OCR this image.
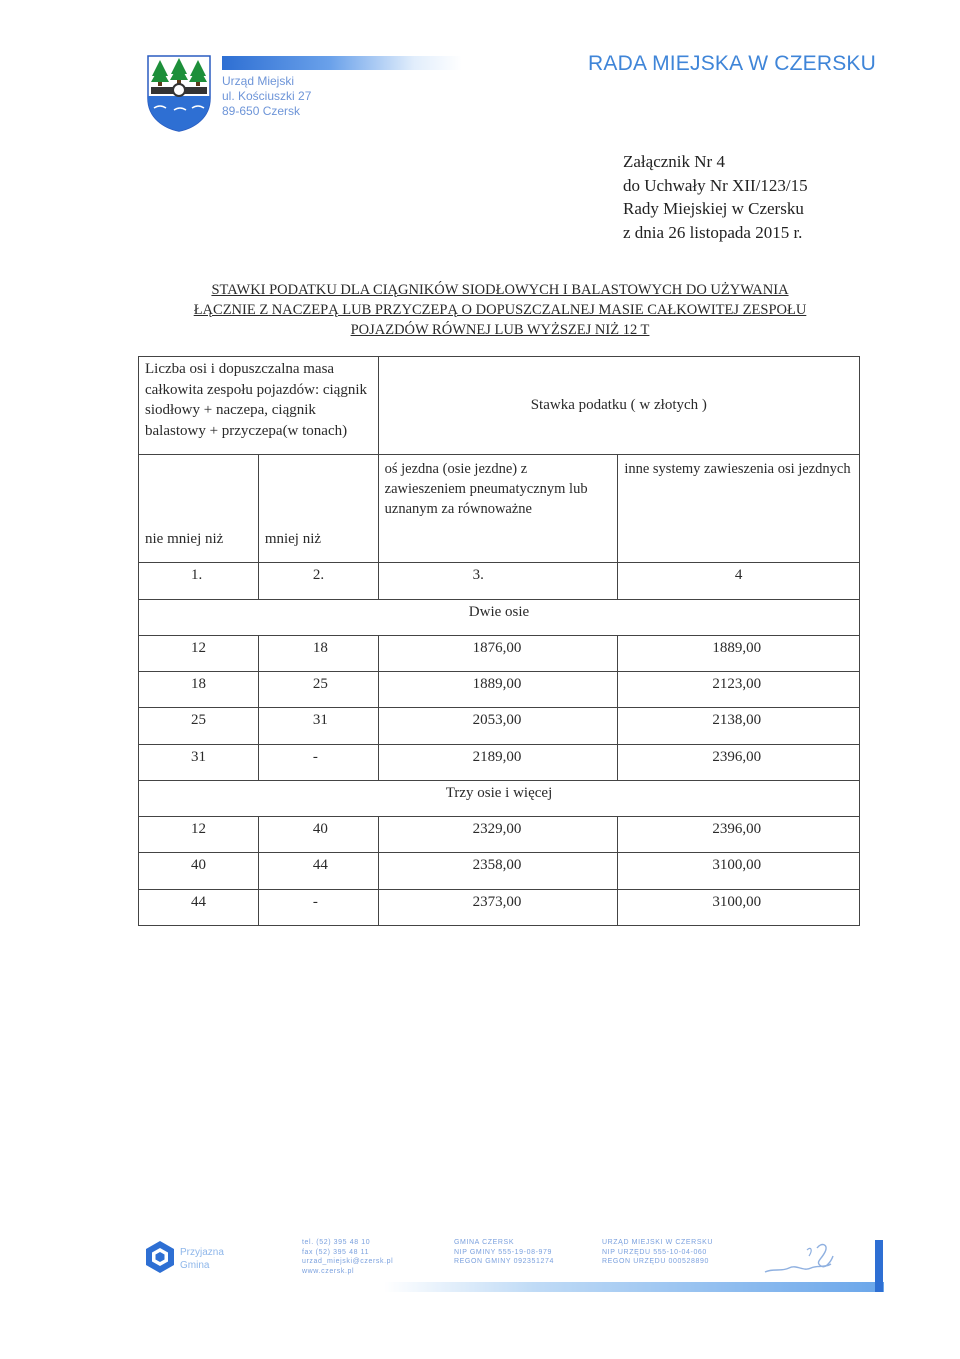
Urząd Miejski
ul. Kościuszki 27
89-650 Czersk
RADA MIEJSKA W CZERSKU
Załącznik Nr 4
do Uchwały Nr XII/123/15
Rady Miejskiej w Czersku
z dnia 26 listopada 2015 r.
STAWKI PODATKU DLA CIĄGNIKÓW SIODŁOWYCH I BALASTOWYCH DO UŻYWANIA
ŁĄCZNIE Z NACZEPĄ LUB PRZYCZEPĄ O DOPUSZCZALNEJ MASIE CAŁKOWITEJ ZESPOŁU
POJAZDÓW RÓWNEJ LUB WYŻSZEJ NIŻ 12 T
Liczba osi i dopuszczalna masa całkowita zespołu pojazdów: ciągnik siodłowy + naczepa, ciągnik balastowy + przyczepa(w tonach)		Stawka podatku ( w złotych )	
nie mniej niż	mniej niż	oś jezdna (osie jezdne) z zawieszeniem pneumatycznym lub uznanym za równoważne	inne systemy zawieszenia osi jezdnych
1.	2.	3.	4
Dwie osie			
12	18	1876,00	1889,00
18	25	1889,00	2123,00
25	31	2053,00	2138,00
31	-	2189,00	2396,00
Trzy osie i więcej			
12	40	2329,00	2396,00
40	44	2358,00	3100,00
44	-	2373,00	3100,00
Przyjazna
Gmina
tel. (52) 395 48 10
fax (52) 395 48 11
urzad_miejski@czersk.pl
www.czersk.pl
GMINA CZERSK
NIP GMINY 555-19-08-979
REGON GMINY 092351274
URZĄD MIEJSKI W CZERSKU
NIP URZĘDU 555-10-04-060
REGON URZĘDU 000528890
